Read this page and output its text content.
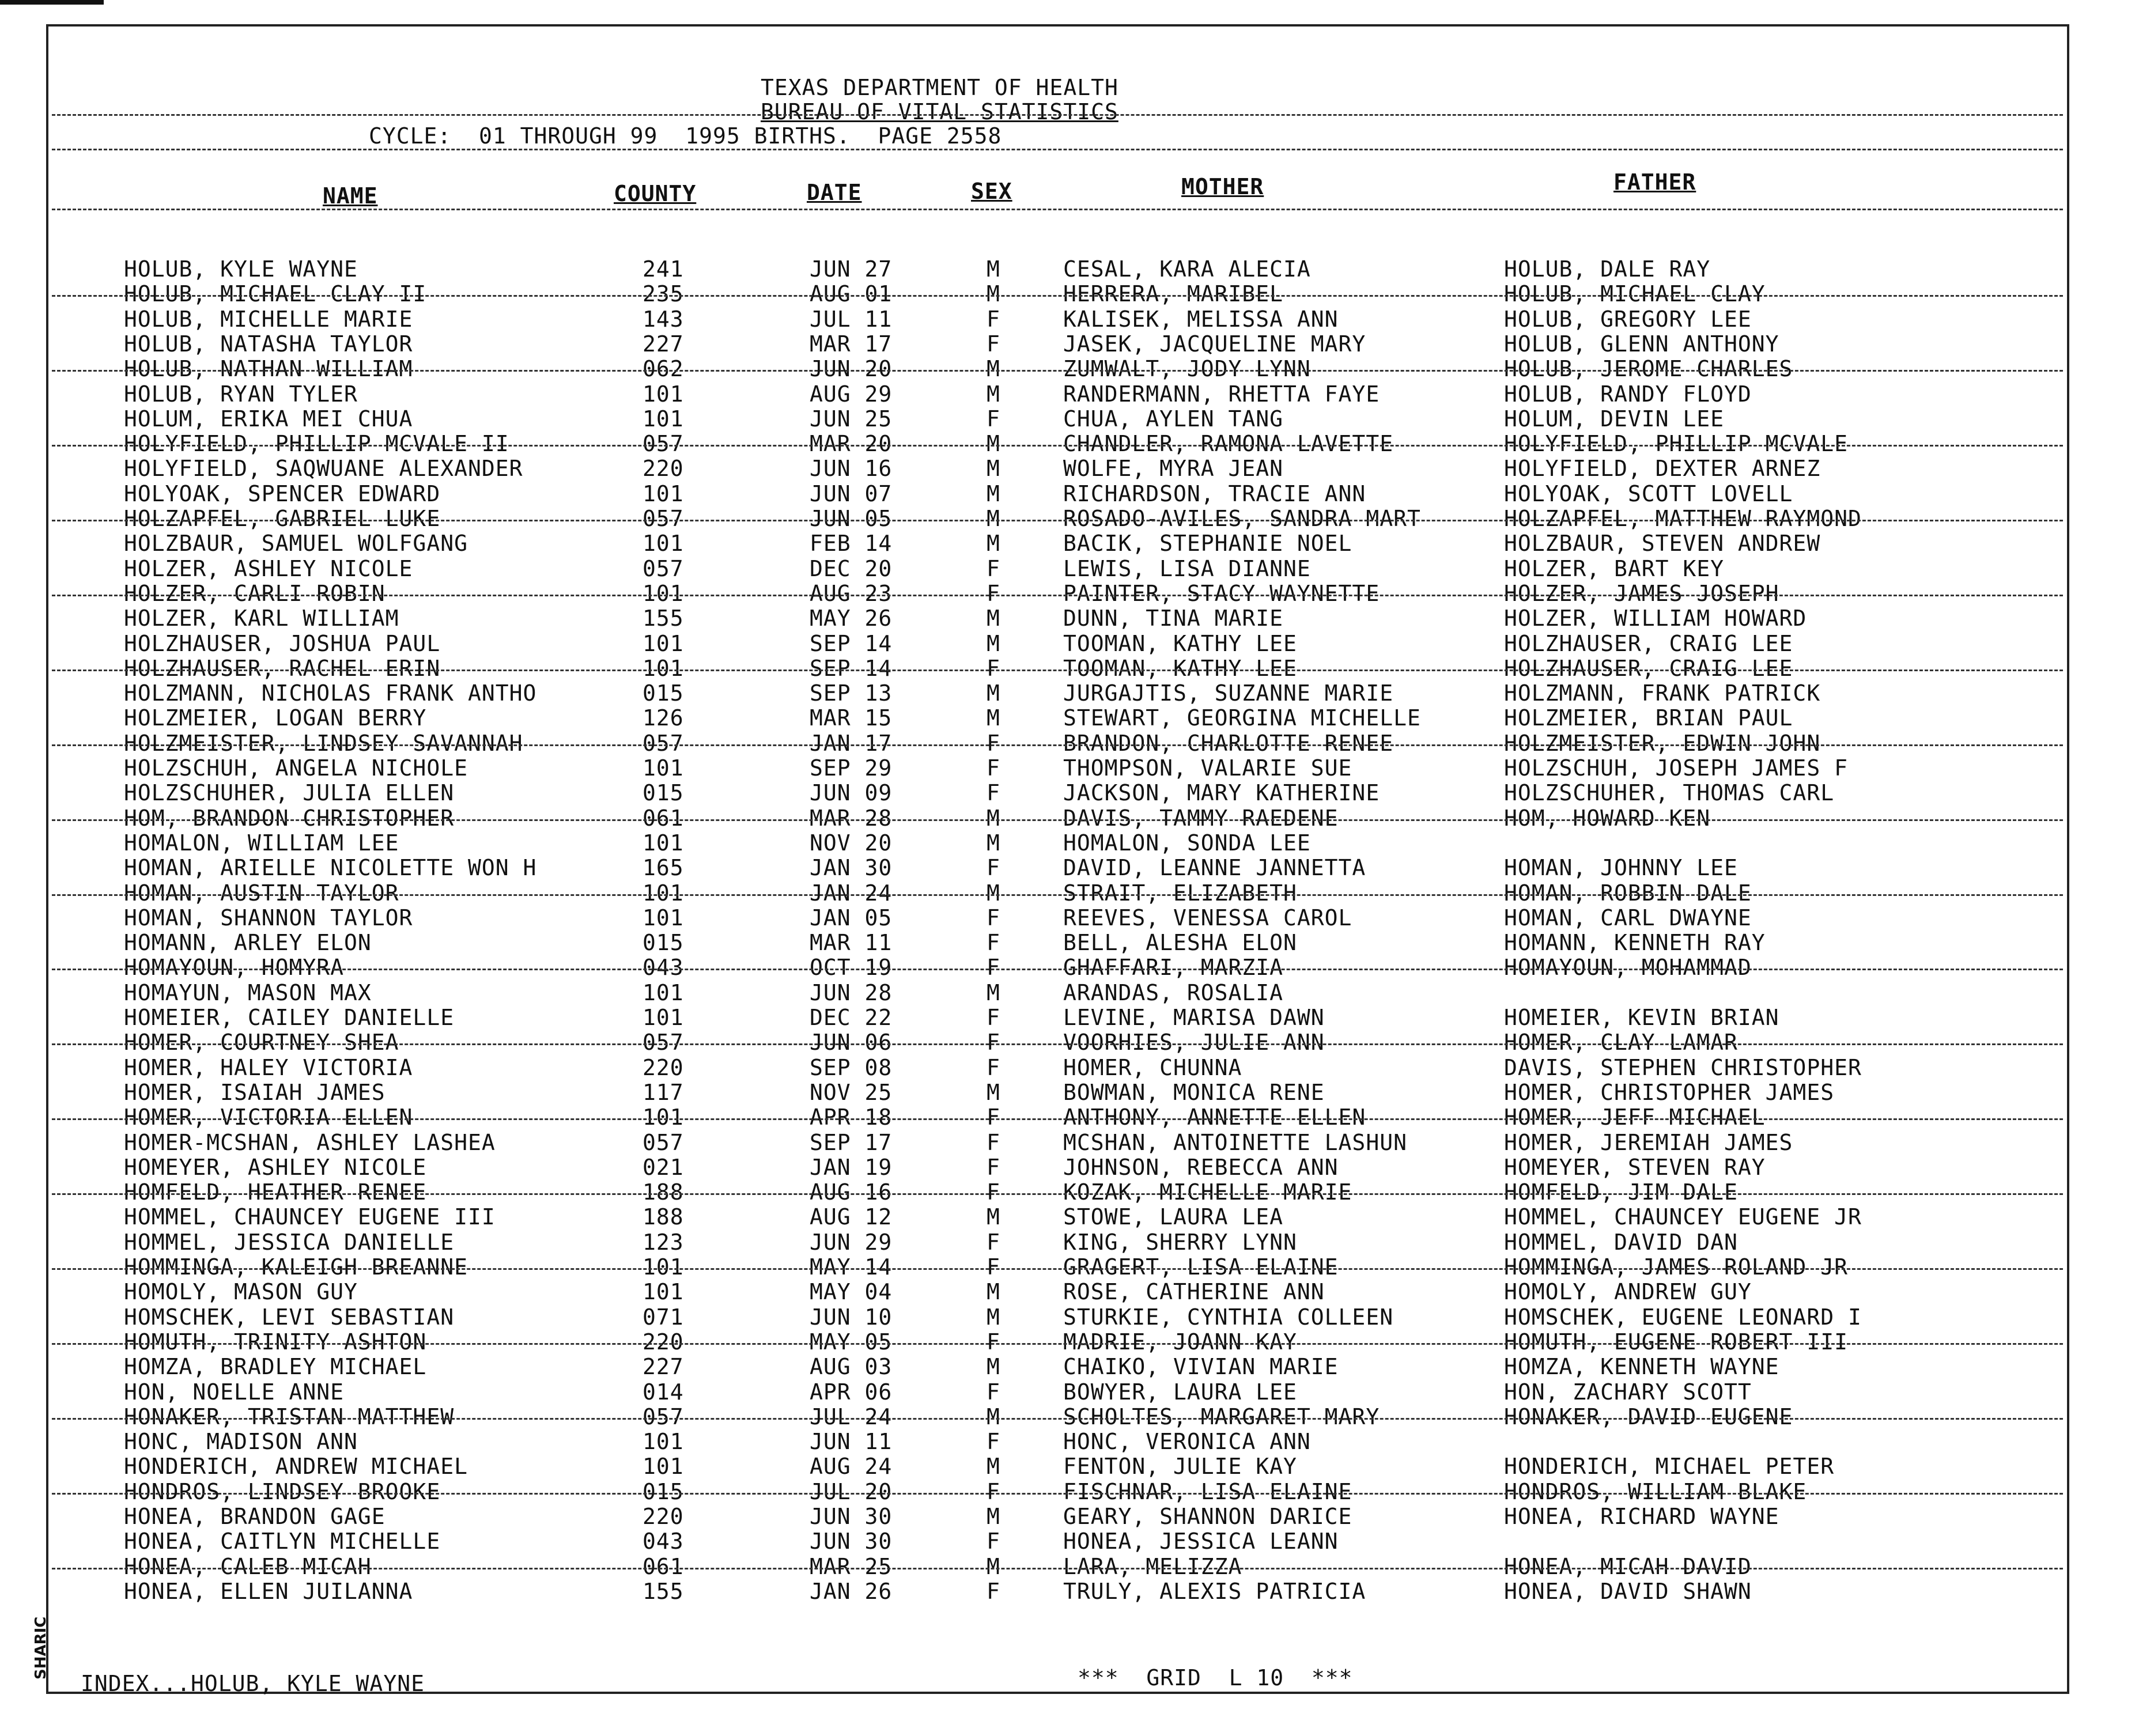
TEXAS DEPARTMENT OF HEALTH
BUREAU OF VITAL STATISTICS
CYCLE:  01 THROUGH 99  1995 BIRTHS.  PAGE 2558
NAME	COUNTY	DATE	SEX	MOTHER	FATHER
HOLUB, KYLE WAYNE	241	JUN 27	M	CESAL, KARA ALECIA	HOLUB, DALE RAY
HOLUB, MICHAEL CLAY II	235	AUG 01	M	HERRERA, MARIBEL	HOLUB, MICHAEL CLAY
HOLUB, MICHELLE MARIE	143	JUL 11	F	KALISEK, MELISSA ANN	HOLUB, GREGORY LEE
HOLUB, NATASHA TAYLOR	227	MAR 17	F	JASEK, JACQUELINE MARY	HOLUB, GLENN ANTHONY
HOLUB, NATHAN WILLIAM	062	JUN 20	M	ZUMWALT, JODY LYNN	HOLUB, JEROME CHARLES
HOLUB, RYAN TYLER	101	AUG 29	M	RANDERMANN, RHETTA FAYE	HOLUB, RANDY FLOYD
HOLUM, ERIKA MEI CHUA	101	JUN 25	F	CHUA, AYLEN TANG	HOLUM, DEVIN LEE
HOLYFIELD, PHILLIP MCVALE II	057	MAR 20	M	CHANDLER, RAMONA LAVETTE	HOLYFIELD, PHILLIP MCVALE
HOLYFIELD, SAQWUANE ALEXANDER	220	JUN 16	M	WOLFE, MYRA JEAN	HOLYFIELD, DEXTER ARNEZ
HOLYOAK, SPENCER EDWARD	101	JUN 07	M	RICHARDSON, TRACIE ANN	HOLYOAK, SCOTT LOVELL
HOLZAPFEL, GABRIEL LUKE	057	JUN 05	M	ROSADO-AVILES, SANDRA MART	HOLZAPFEL, MATTHEW RAYMOND
HOLZBAUR, SAMUEL WOLFGANG	101	FEB 14	M	BACIK, STEPHANIE NOEL	HOLZBAUR, STEVEN ANDREW
HOLZER, ASHLEY NICOLE	057	DEC 20	F	LEWIS, LISA DIANNE	HOLZER, BART KEY
HOLZER, CARLI ROBIN	101	AUG 23	F	PAINTER, STACY WAYNETTE	HOLZER, JAMES JOSEPH
HOLZER, KARL WILLIAM	155	MAY 26	M	DUNN, TINA MARIE	HOLZER, WILLIAM HOWARD
HOLZHAUSER, JOSHUA PAUL	101	SEP 14	M	TOOMAN, KATHY LEE	HOLZHAUSER, CRAIG LEE
HOLZHAUSER, RACHEL ERIN	101	SEP 14	F	TOOMAN, KATHY LEE	HOLZHAUSER, CRAIG LEE
HOLZMANN, NICHOLAS FRANK ANTHO	015	SEP 13	M	JURGAJTIS, SUZANNE MARIE	HOLZMANN, FRANK PATRICK
HOLZMEIER, LOGAN BERRY	126	MAR 15	M	STEWART, GEORGINA MICHELLE	HOLZMEIER, BRIAN PAUL
HOLZMEISTER, LINDSEY SAVANNAH	057	JAN 17	F	BRANDON, CHARLOTTE RENEE	HOLZMEISTER, EDWIN JOHN
HOLZSCHUH, ANGELA NICHOLE	101	SEP 29	F	THOMPSON, VALARIE SUE	HOLZSCHUH, JOSEPH JAMES F
HOLZSCHUHER, JULIA ELLEN	015	JUN 09	F	JACKSON, MARY KATHERINE	HOLZSCHUHER, THOMAS CARL
HOM, BRANDON CHRISTOPHER	061	MAR 28	M	DAVIS, TAMMY RAEDENE	HOM, HOWARD KEN
HOMALON, WILLIAM LEE	101	NOV 20	M	HOMALON, SONDA LEE
HOMAN, ARIELLE NICOLETTE WON H	165	JAN 30	F	DAVID, LEANNE JANNETTA	HOMAN, JOHNNY LEE
HOMAN, AUSTIN TAYLOR	101	JAN 24	M	STRAIT, ELIZABETH	HOMAN, ROBBIN DALE
HOMAN, SHANNON TAYLOR	101	JAN 05	F	REEVES, VENESSA CAROL	HOMAN, CARL DWAYNE
HOMANN, ARLEY ELON	015	MAR 11	F	BELL, ALESHA ELON	HOMANN, KENNETH RAY
HOMAYOUN, HOMYRA	043	OCT 19	F	GHAFFARI, MARZIA	HOMAYOUN, MOHAMMAD
HOMAYUN, MASON MAX	101	JUN 28	M	ARANDAS, ROSALIA
HOMEIER, CAILEY DANIELLE	101	DEC 22	F	LEVINE, MARISA DAWN	HOMEIER, KEVIN BRIAN
HOMER, COURTNEY SHEA	057	JUN 06	F	VOORHIES, JULIE ANN	HOMER, CLAY LAMAR
HOMER, HALEY VICTORIA	220	SEP 08	F	HOMER, CHUNNA	DAVIS, STEPHEN CHRISTOPHER
HOMER, ISAIAH JAMES	117	NOV 25	M	BOWMAN, MONICA RENE	HOMER, CHRISTOPHER JAMES
HOMER, VICTORIA ELLEN	101	APR 18	F	ANTHONY, ANNETTE ELLEN	HOMER, JEFF MICHAEL
HOMER-MCSHAN, ASHLEY LASHEA	057	SEP 17	F	MCSHAN, ANTOINETTE LASHUN	HOMER, JEREMIAH JAMES
HOMEYER, ASHLEY NICOLE	021	JAN 19	F	JOHNSON, REBECCA ANN	HOMEYER, STEVEN RAY
HOMFELD, HEATHER RENEE	188	AUG 16	F	KOZAK, MICHELLE MARIE	HOMFELD, JIM DALE
HOMMEL, CHAUNCEY EUGENE III	188	AUG 12	M	STOWE, LAURA LEA	HOMMEL, CHAUNCEY EUGENE JR
HOMMEL, JESSICA DANIELLE	123	JUN 29	F	KING, SHERRY LYNN	HOMMEL, DAVID DAN
HOMMINGA, KALEIGH BREANNE	101	MAY 14	F	GRAGERT, LISA ELAINE	HOMMINGA, JAMES ROLAND JR
HOMOLY, MASON GUY	101	MAY 04	M	ROSE, CATHERINE ANN	HOMOLY, ANDREW GUY
HOMSCHEK, LEVI SEBASTIAN	071	JUN 10	M	STURKIE, CYNTHIA COLLEEN	HOMSCHEK, EUGENE LEONARD I
HOMUTH, TRINITY ASHTON	220	MAY 05	F	MADRIE, JOANN KAY	HOMUTH, EUGENE ROBERT III
HOMZA, BRADLEY MICHAEL	227	AUG 03	M	CHAIKO, VIVIAN MARIE	HOMZA, KENNETH WAYNE
HON, NOELLE ANNE	014	APR 06	F	BOWYER, LAURA LEE	HON, ZACHARY SCOTT
HONAKER, TRISTAN MATTHEW	057	JUL 24	M	SCHOLTES, MARGARET MARY	HONAKER, DAVID EUGENE
HONC, MADISON ANN	101	JUN 11	F	HONC, VERONICA ANN
HONDERICH, ANDREW MICHAEL	101	AUG 24	M	FENTON, JULIE KAY	HONDERICH, MICHAEL PETER
HONDROS, LINDSEY BROOKE	015	JUL 20	F	FISCHNAR, LISA ELAINE	HONDROS, WILLIAM BLAKE
HONEA, BRANDON GAGE	220	JUN 30	M	GEARY, SHANNON DARICE	HONEA, RICHARD WAYNE
HONEA, CAITLYN MICHELLE	043	JUN 30	F	HONEA, JESSICA LEANN
HONEA, CALEB MICAH	061	MAR 25	M	LARA, MELIZZA	HONEA, MICAH DAVID
HONEA, ELLEN JUILANNA	155	JAN 26	F	TRULY, ALEXIS PATRICIA	HONEA, DAVID SHAWN
INDEX...HOLUB, KYLE WAYNE	***  GRID  L 10  ***
SHARIC
